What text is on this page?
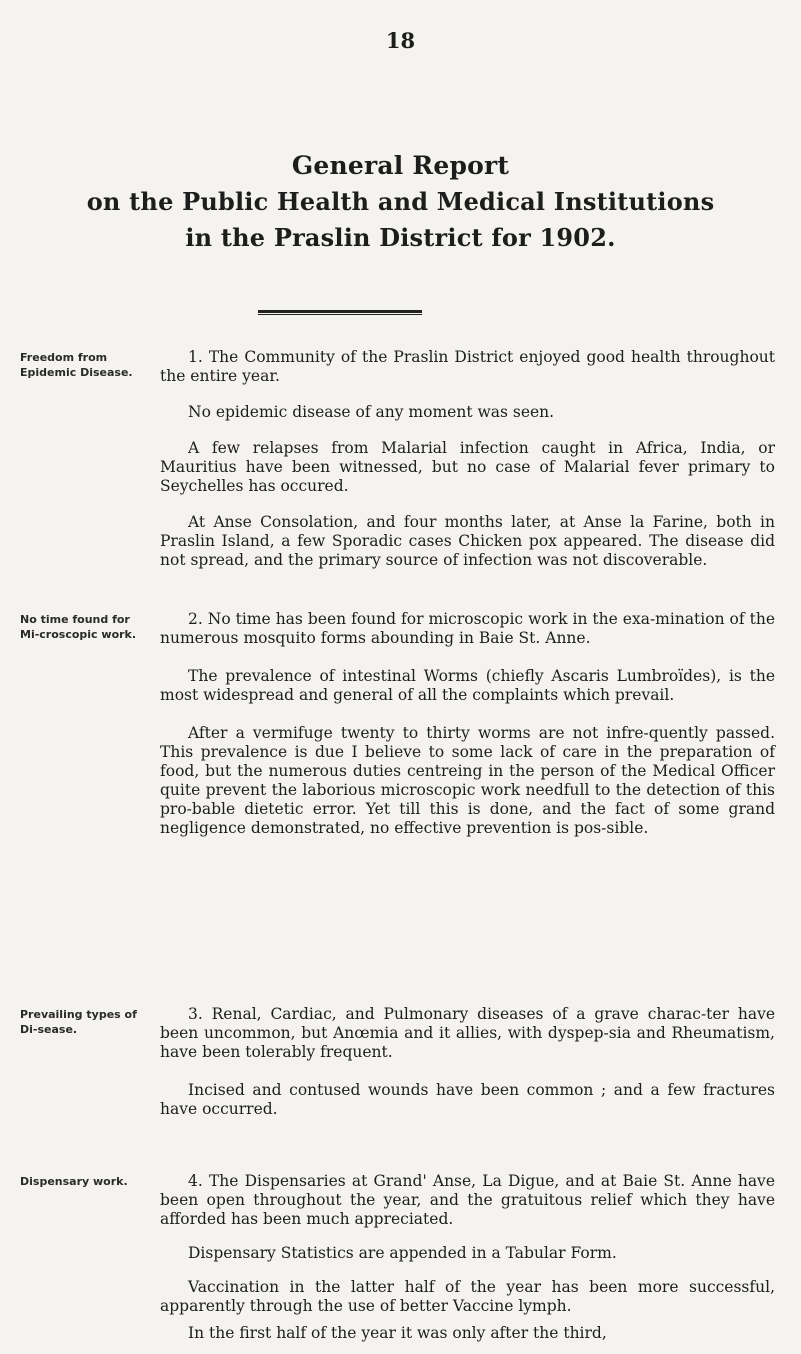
18
General Report
on the Public Health and Medical Institutions
in the Praslin District for 1902.
Freedom from Epidemic Disease.

1. The Community of the Praslin District enjoyed good health throughout the entire year.

No epidemic disease of any moment was seen.

A few relapses from Malarial infection caught in Africa, India, or Mauritius have been witnessed, but no case of Malarial fever primary to Seychelles has occured.

At Anse Consolation, and four months later, at Anse la Farine, both in Praslin Island, a few Sporadic cases Chicken pox appeared. The disease did not spread, and the primary source of infection was not discoverable.

No time found for Mi-croscopic work.

2. No time has been found for microscopic work in the exa-mination of the numerous mosquito forms abounding in Baie St. Anne.

The prevalence of intestinal Worms (chiefly Ascaris Lumbroïdes), is the most widespread and general of all the complaints which prevail.

After a vermifuge twenty to thirty worms are not infre-quently passed. This prevalence is due I believe to some lack of care in the preparation of food, but the numerous duties centreing in the person of the Medical Officer quite prevent the laborious microscopic work needfull to the detection of this pro-bable dietetic error. Yet till this is done, and the fact of some grand negligence demonstrated, no effective prevention is pos-sible.

Prevailing types of Di-sease.

3. Renal, Cardiac, and Pulmonary diseases of a grave charac-ter have been uncommon, but Anœmia and it allies, with dyspep-sia and Rheumatism, have been tolerably frequent.

Incised and contused wounds have been common ; and a few fractures have occurred.

Dispensary work.	4. The Dispensaries at Grand' Anse, La Digue, and at Baie St. Anne have been open throughout the year, and the gratuitous relief which they have afforded has been much appreciated.

Dispensary Statistics are appended in a Tabular Form.

Vaccination in the latter half of the year has been more successful, apparently through the use of better Vaccine lymph.

In the first half of the year it was only after the third,
